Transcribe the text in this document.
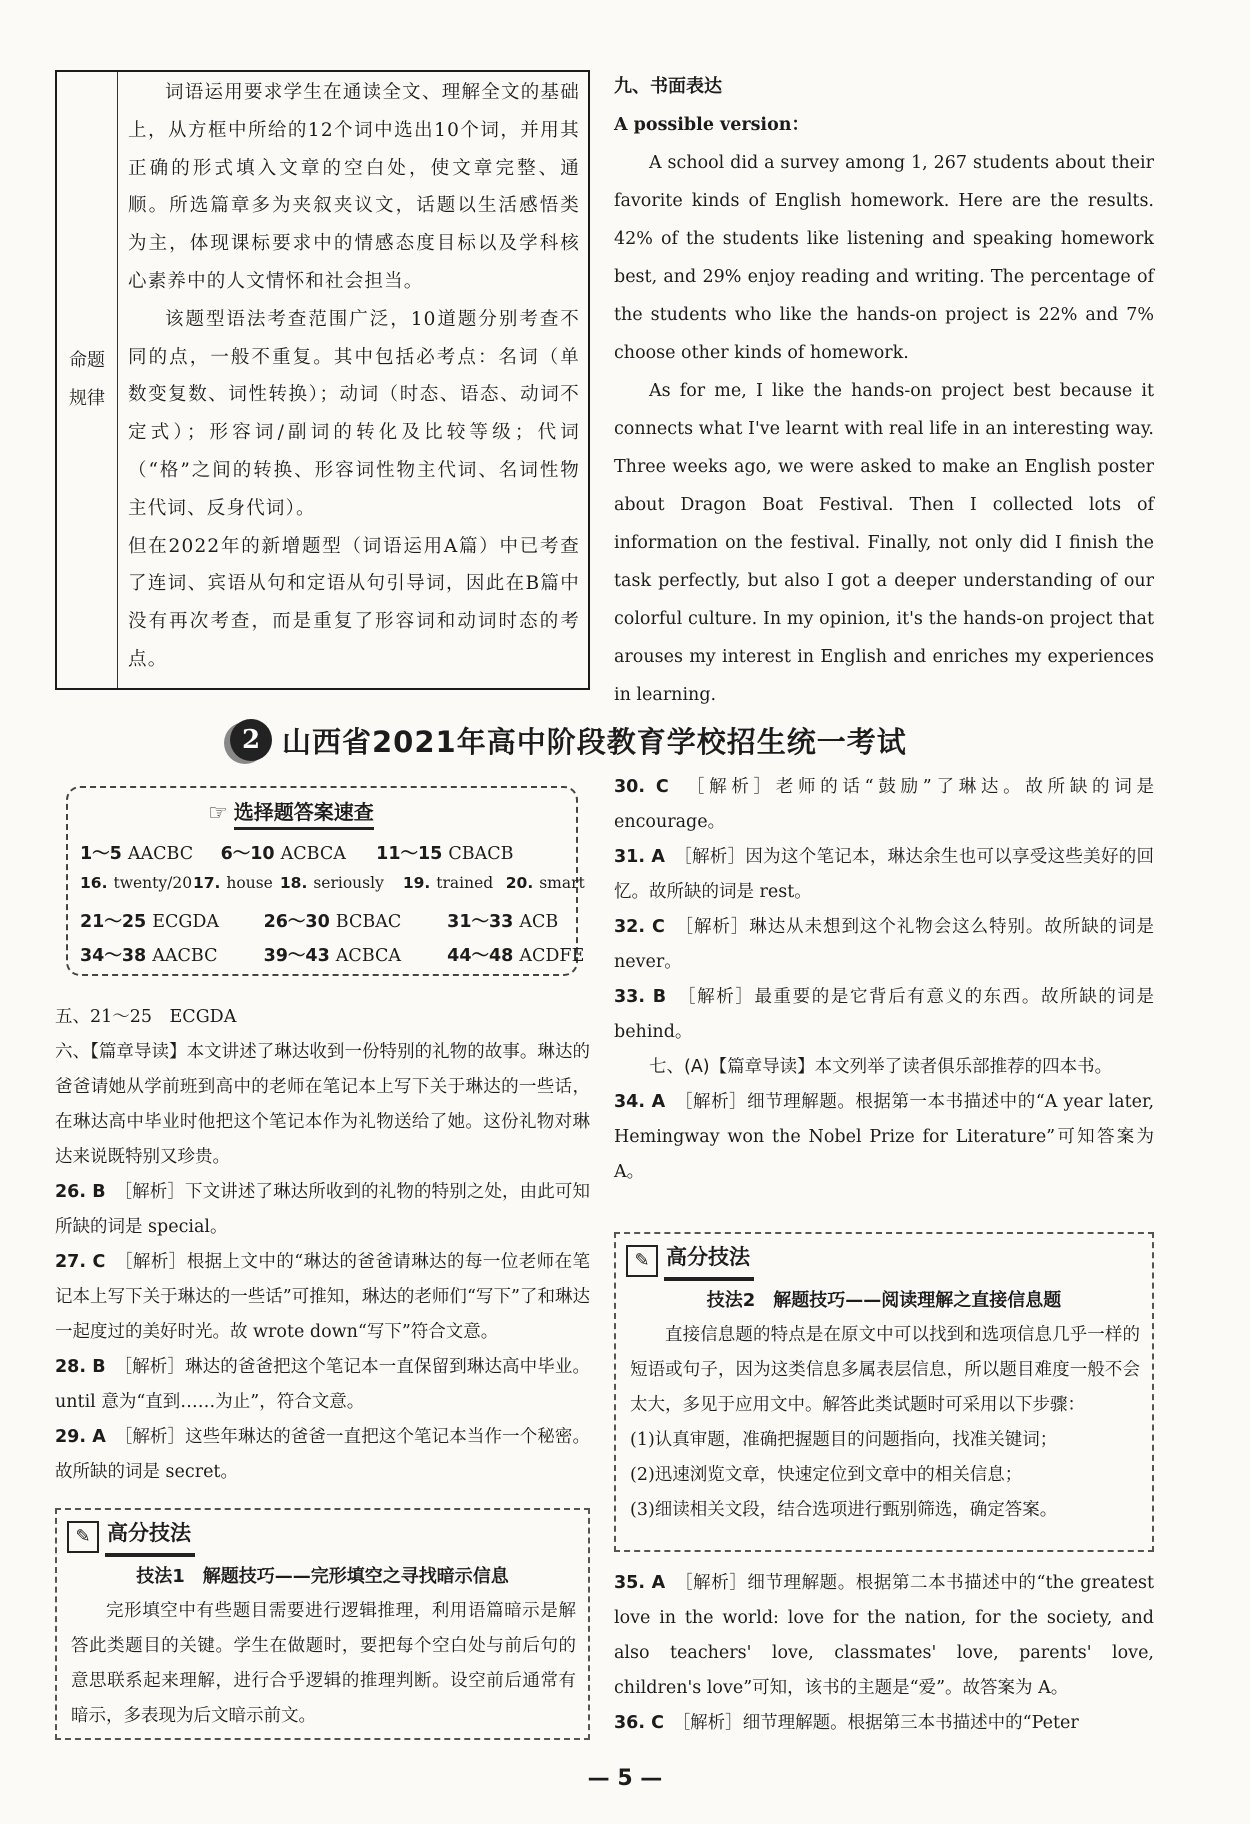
命题
规律

词语运用要求学生在通读全文、理解全文的基础上，从方框中所给的12个词中选出10个词，并用其正确的形式填入文章的空白处，使文章完整、通顺。所选篇章多为夹叙夹议文，话题以生活感悟类为主，体现课标要求中的情感态度目标以及学科核心素养中的人文情怀和社会担当。

该题型语法考查范围广泛，10道题分别考查不同的点，一般不重复。其中包括必考点：名词（单数变复数、词性转换）；动词（时态、语态、动词不定式）；形容词/副词的转化及比较等级；代词（“格”之间的转换、形容词性物主代词、名词性物主代词、反身代词）。

但在2022年的新增题型（词语运用A篇）中已考查了连词、宾语从句和定语从句引导词，因此在B篇中没有再次考查，而是重复了形容词和动词时态的考点。

九、书面表达
A possible version：

A school did a survey among 1, 267 students about their favorite kinds of English homework. Here are the results. 42% of the students like listening and speaking homework best, and 29% enjoy reading and writing. The percentage of the students who like the hands-on project is 22% and 7% choose other kinds of homework.

As for me, I like the hands-on project best because it connects what I've learnt with real life in an interesting way. Three weeks ago, we were asked to make an English poster about Dragon Boat Festival. Then I collected lots of information on the festival. Finally, not only did I finish the task perfectly, but also I got a deeper understanding of our colorful culture. In my opinion, it's the hands-on project that arouses my interest in English and enriches my experiences in learning.

2 山西省2021年高中阶段教育学校招生统一考试
☞ 选择题答案速查
1～5 AACBC 6～10 ACBCA 11～15 CBACB
16. twenty/20 17. house 18. seriously 19. trained 20. smart
21～25 ECGDA	26～30 BCBAC	31～33 ACB
34～38 AACBC	39～43 ACBCA	44～48 ACDFE

五、21～25　ECGDA

六、【篇章导读】本文讲述了琳达收到一份特别的礼物的故事。琳达的爸爸请她从学前班到高中的老师在笔记本上写下关于琳达的一些话，在琳达高中毕业时他把这个笔记本作为礼物送给了她。这份礼物对琳达来说既特别又珍贵。

26. B　 ［解析］下文讲述了琳达所收到的礼物的特别之处，由此可知所缺的词是 special。

27. C　 ［解析］根据上文中的“琳达的爸爸请琳达的每一位老师在笔记本上写下关于琳达的一些话”可推知，琳达的老师们“写下”了和琳达一起度过的美好时光。故 wrote down“写下”符合文意。

28. B　 ［解析］琳达的爸爸把这个笔记本一直保留到琳达高中毕业。until 意为“直到……为止”，符合文意。

29. A　 ［解析］这些年琳达的爸爸一直把这个笔记本当作一个秘密。故所缺的词是 secret。

✎ 高分技法
技法1　解题技巧——完形填空之寻找暗示信息

完形填空中有些题目需要进行逻辑推理，利用语篇暗示是解答此类题目的关键。学生在做题时，要把每个空白处与前后句的意思联系起来理解，进行合乎逻辑的推理判断。设空前后通常有暗示，多表现为后文暗示前文。

30. C　 ［解析］老师的话“鼓励”了琳达。故所缺的词是 encourage。

31. A　 ［解析］因为这个笔记本，琳达余生也可以享受这些美好的回忆。故所缺的词是 rest。

32. C　 ［解析］琳达从未想到这个礼物会这么特别。故所缺的词是 never。

33. B　 ［解析］最重要的是它背后有意义的东西。故所缺的词是 behind。

七、(A)【篇章导读】本文列举了读者俱乐部推荐的四本书。

34. A　 ［解析］细节理解题。根据第一本书描述中的“A year later, Hemingway won the Nobel Prize for Literature”可知答案为 A。

✎ 高分技法
技法2　解题技巧——阅读理解之直接信息题

直接信息题的特点是在原文中可以找到和选项信息几乎一样的短语或句子，因为这类信息多属表层信息，所以题目难度一般不会太大，多见于应用文中。解答此类试题时可采用以下步骤：

(1)认真审题，准确把握题目的问题指向，找准关键词；

(2)迅速浏览文章，快速定位到文章中的相关信息；

(3)细读相关文段，结合选项进行甄别筛选，确定答案。

35. A　 ［解析］细节理解题。根据第二本书描述中的“the greatest love in the world: love for the nation, for the society, and also teachers' love, classmates' love, parents' love, children's love”可知，该书的主题是“爱”。故答案为 A。

36. C　 ［解析］细节理解题。根据第三本书描述中的“Peter

— 5 —
